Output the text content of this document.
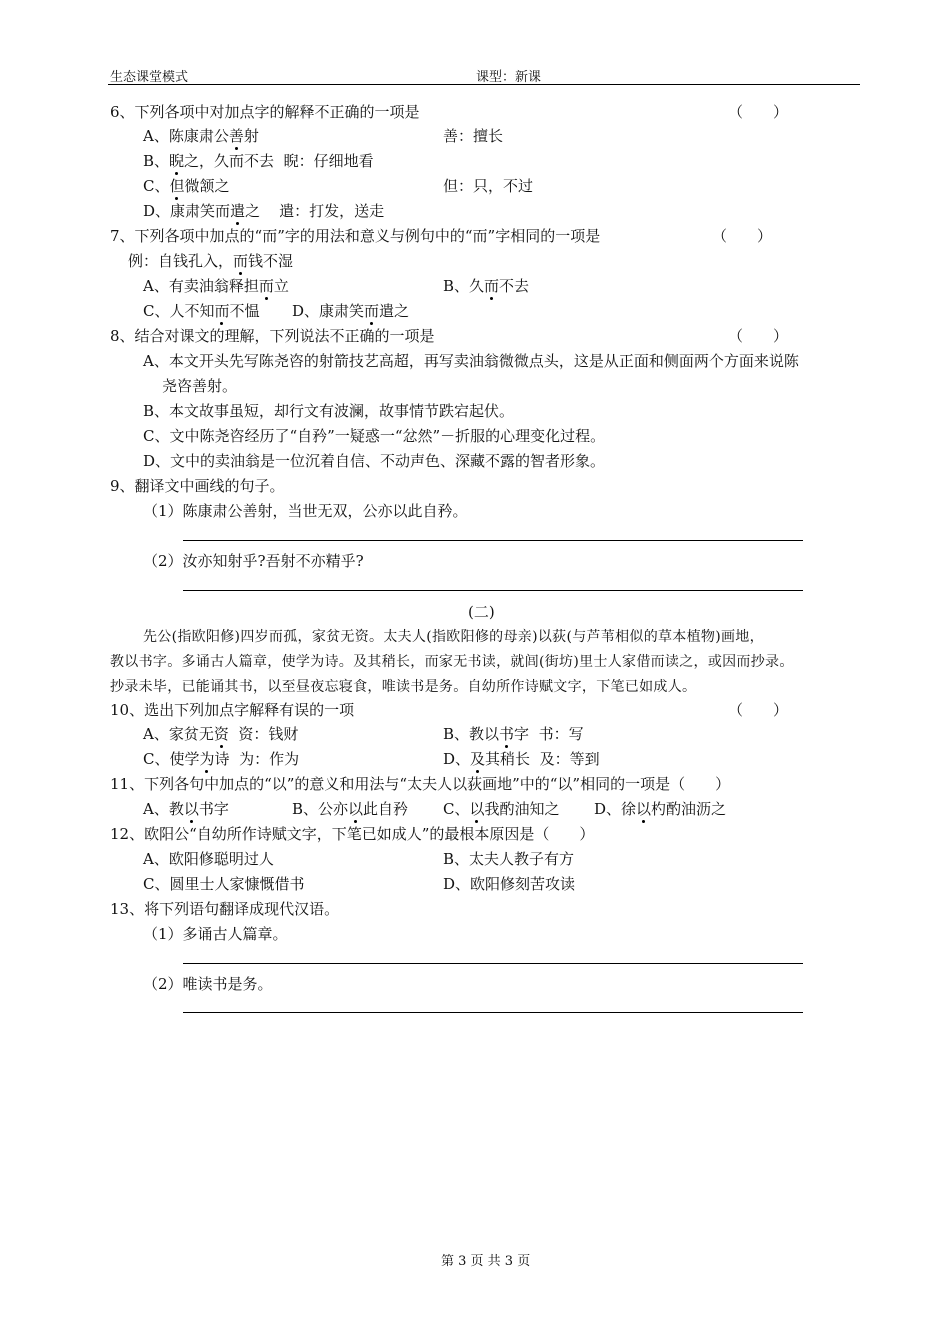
生态课堂模式	课型：新课
6、下列各项中对加点字的解释不正确的一项是	（　　）
A、陈康肃公善射	善：擅长
B、睨之，久而不去 睨：仔细地看
C、但微颔之	但：只，不过
D、康肃笑而遣之 遣：打发，送走
7、下列各项中加点的“而”字的用法和意义与例句中的“而”字相同的一项是	（　　）
例：自钱孔入，而钱不湿
A、有卖油翁释担而立	B、久而不去
C、人不知而不愠 D、康肃笑而遣之
8、结合对课文的理解，下列说法不正确的一项是	（　　）
A、本文开头先写陈尧咨的射箭技艺高超，再写卖油翁微微点头，这是从正面和侧面两个方面来说陈
尧咨善射。
B、本文故事虽短，却行文有波澜，故事情节跌宕起伏。
C、文中陈尧咨经历了“自矜”一疑惑一“忿然”－折服的心理变化过程。
D、文中的卖油翁是一位沉着自信、不动声色、深藏不露的智者形象。
9、翻译文中画线的句子。
（1）陈康肃公善射，当世无双，公亦以此自矜。
（2）汝亦知射乎?吾射不亦精乎?
(二)
先公(指欧阳修)四岁而孤，家贫无资。太夫人(指欧阳修的母亲)以荻(与芦苇相似的草本植物)画地，
教以书字。多诵古人篇章，使学为诗。及其稍长，而家无书读，就闾(街坊)里士人家借而读之，或因而抄录。
抄录未毕，已能诵其书，以至昼夜忘寝食，唯读书是务。自幼所作诗赋文字，下笔已如成人。
10、选出下列加点字解释有误的一项	（　　）
A、家贫无资 资：钱财	B、教以书字 书：写
C、使学为诗 为：作为	D、及其稍长 及：等到
11、下列各句中加点的“以”的意义和用法与“太夫人以荻画地”中的“以”相同的一项是（　　）
A、教以书字	B、公亦以此自矜 C、以我酌油知之 D、徐以杓酌油沥之
12、欧阳公“自幼所作诗赋文字，下笔已如成人”的最根本原因是（　　）
A、欧阳修聪明过人	B、太夫人教子有方
C、圆里士人家慷慨借书	D、欧阳修刻苦攻读
13、将下列语句翻译成现代汉语。
（1）多诵古人篇章。
（2）唯读书是务。
第 3 页 共 3 页
